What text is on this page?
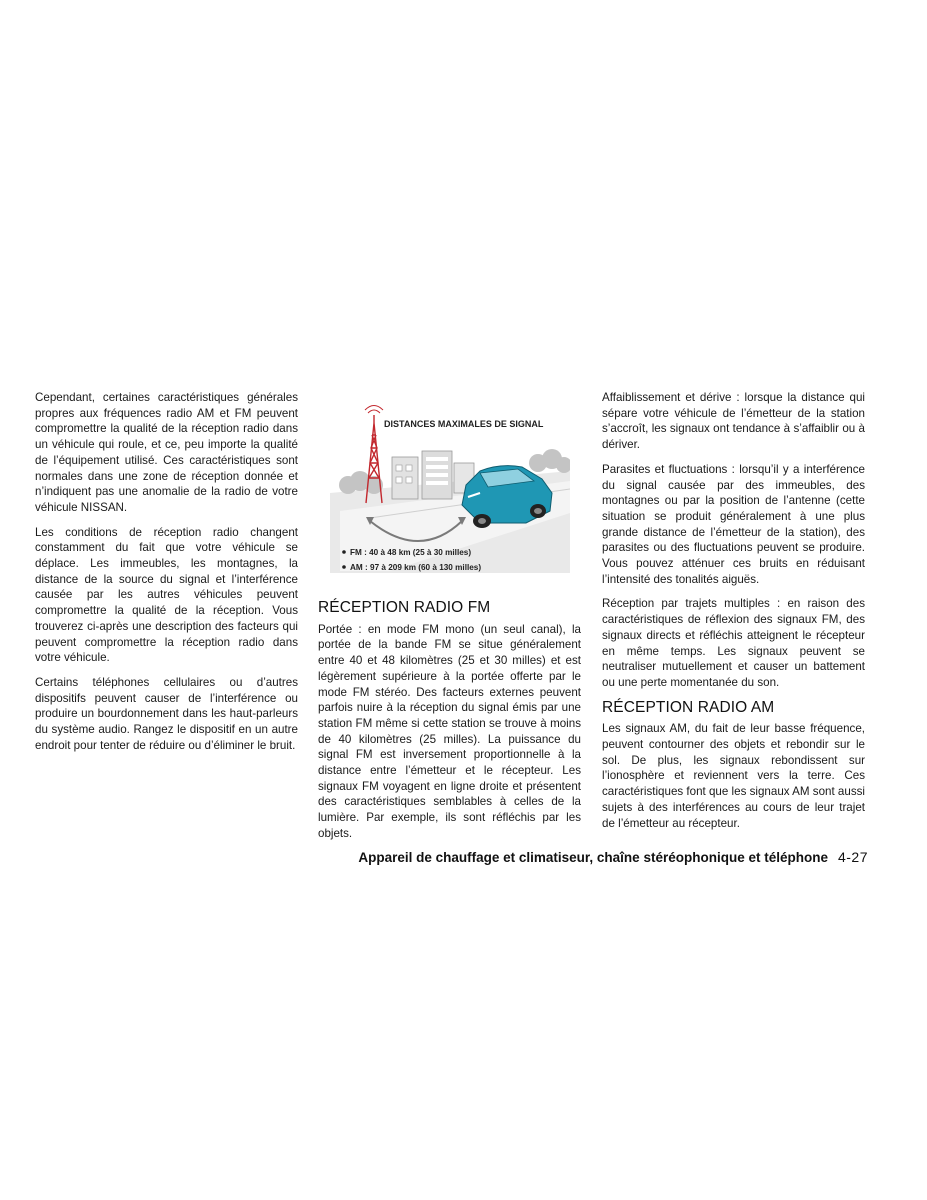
Cependant, certaines caractéristiques générales propres aux fréquences radio AM et FM peuvent compromettre la qualité de la réception radio dans un véhicule qui roule, et ce, peu importe la qualité de l’équipement utilisé. Ces caractéristiques sont normales dans une zone de réception donnée et n’indiquent pas une anomalie de la radio de votre véhicule NISSAN.

Les conditions de réception radio changent constamment du fait que votre véhicule se déplace. Les immeubles, les montagnes, la distance de la source du signal et l’interférence causée par les autres véhicules peuvent compromettre la qualité de la réception. Vous trouverez ci-après une description des facteurs qui peuvent compromettre la réception radio dans votre véhicule.

Certains téléphones cellulaires ou d’autres dispositifs peuvent causer de l’interférence ou produire un bourdonnement dans les haut-parleurs du système audio. Rangez le dispositif en un autre endroit pour tenter de réduire ou d’éliminer le bruit.

DISTANCES MAXIMALES DE SIGNAL
FM : 40 à 48 km (25 à 30 milles)
AM : 97 à 209 km (60 à 130 milles)
RÉCEPTION RADIO FM

Portée : en mode FM mono (un seul canal), la portée de la bande FM se situe généralement entre 40 et 48 kilomètres (25 et 30 milles) et est légèrement supérieure à la portée offerte par le mode FM stéréo. Des facteurs externes peuvent parfois nuire à la réception du signal émis par une station FM même si cette station se trouve à moins de 40 kilomètres (25 milles). La puissance du signal FM est inversement proportionnelle à la distance entre l’émetteur et le récepteur. Les signaux FM voyagent en ligne droite et présentent des caractéristiques semblables à celles de la lumière. Par exemple, ils sont réfléchis par les objets.

Affaiblissement et dérive : lorsque la distance qui sépare votre véhicule de l’émetteur de la station s’accroît, les signaux ont tendance à s’affaiblir ou à dériver.

Parasites et fluctuations : lorsqu’il y a interférence du signal causée par des immeubles, des montagnes ou par la position de l’antenne (cette situation se produit généralement à une plus grande distance de l’émetteur de la station), des parasites ou des fluctuations peuvent se produire. Vous pouvez atténuer ces bruits en réduisant l’intensité des tonalités aiguës.

Réception par trajets multiples : en raison des caractéristiques de réflexion des signaux FM, des signaux directs et réfléchis atteignent le récepteur en même temps. Les signaux peuvent se neutraliser mutuellement et causer un battement ou une perte momentanée du son.

RÉCEPTION RADIO AM

Les signaux AM, du fait de leur basse fréquence, peuvent contourner des objets et rebondir sur le sol. De plus, les signaux rebondissent sur l’ionosphère et reviennent vers la terre. Ces caractéristiques font que les signaux AM sont aussi sujets à des interférences au cours de leur trajet de l’émetteur au récepteur.

Appareil de chauffage et climatiseur, chaîne stéréophonique et téléphone 4-27
